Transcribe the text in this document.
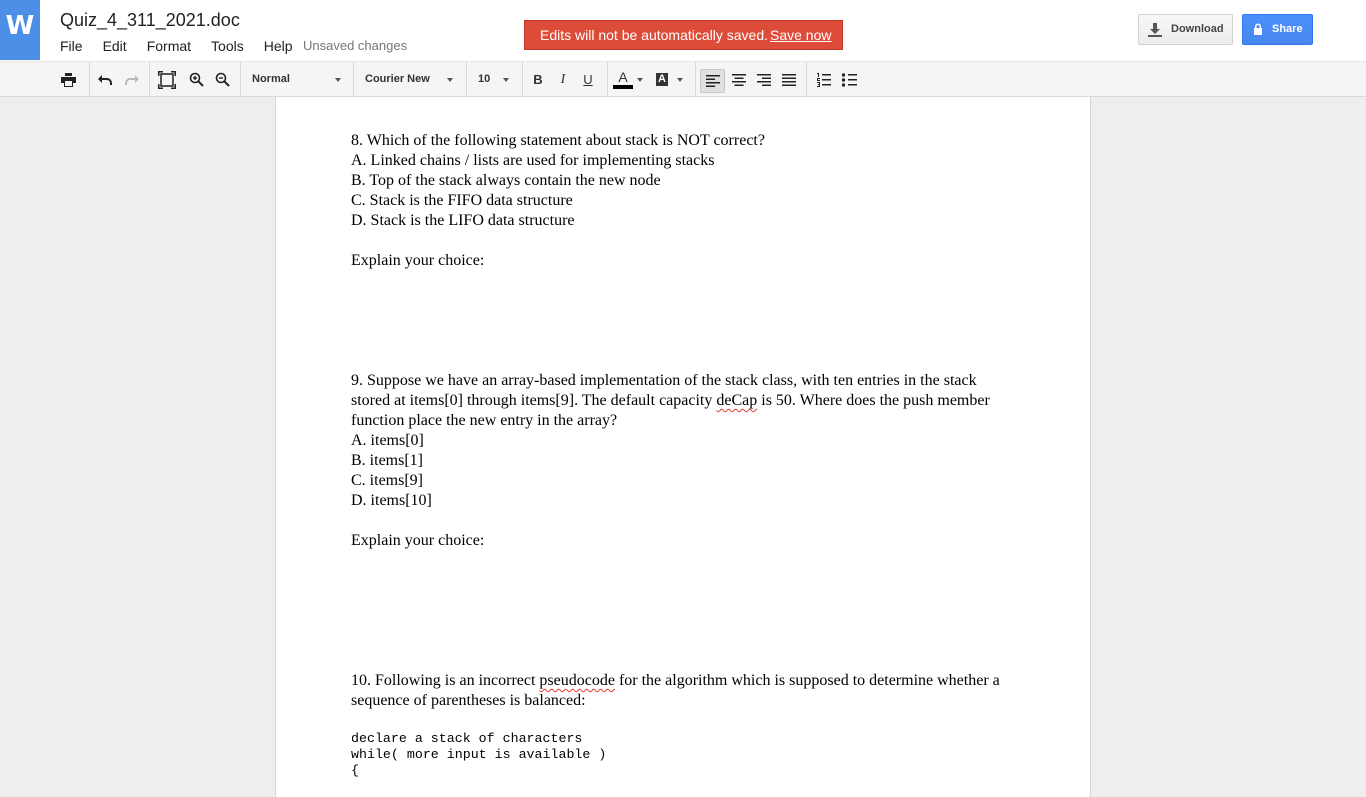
W	Quiz_4_311_2021.doc
File Edit Format Tools Help Unsaved changes
Edits will not be automatically saved. Save now	Download	Share
Normal	Courier New	10	B	I	U	A	A
8. Which of the following statement about stack is NOT correct?
A. Linked chains / lists are used for implementing stacks
B. Top of the stack always contain the new node
C. Stack is the FIFO data structure
D. Stack is the LIFO data structure
Explain your choice:
9. Suppose we have an array-based implementation of the stack class, with ten entries in the stack stored at items[0] through items[9]. The default capacity deCap is 50. Where does the push member function place the new entry in the array?
A. items[0]
B. items[1]
C. items[9]
D. items[10]
Explain your choice:
10. Following is an incorrect pseudocode for the algorithm which is supposed to determine whether a sequence of parentheses is balanced:
declare a stack of characters
while( more input is available )
{
